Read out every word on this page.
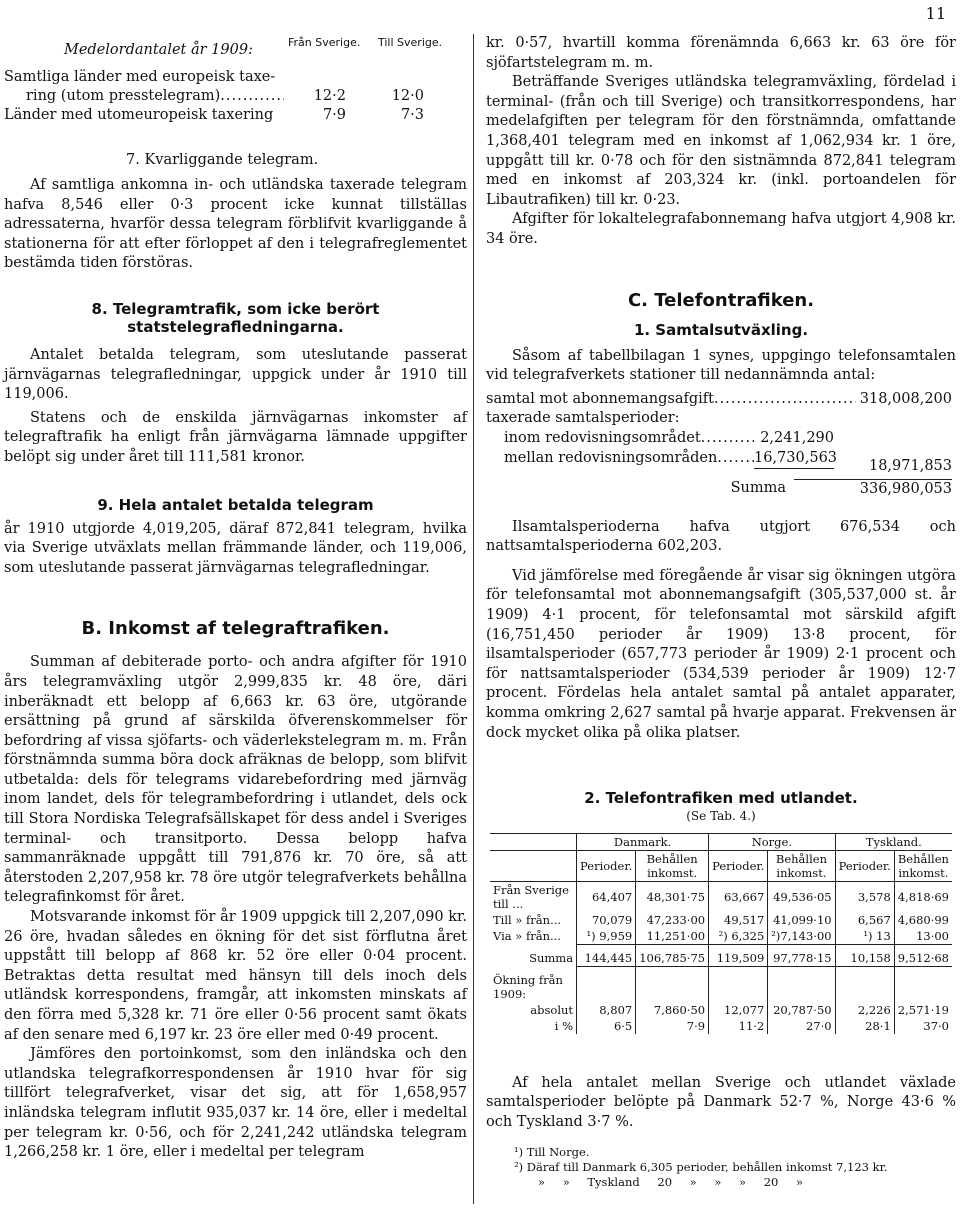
11
Medelordantalet år 1909:	Från Sverige. Till Sverige.
Samtliga länder med europeisk taxe-
ring (utom presstelegram) .....	12·2	12·0
Länder med utomeuropeisk taxering	7·9	7·3
7. Kvarliggande telegram.

Af samtliga ankomna in- och utländska taxerade telegram hafva 8,546 eller 0·3 procent icke kunnat tillställas adressaterna, hvarför dessa telegram förblifvit kvarliggande å stationerna för att efter förloppet af den i telegrafreglementet bestämda tiden förstöras.

8. Telegramtrafik, som icke berört statstelegrafledningarna.

Antalet betalda telegram, som uteslutande passerat järnvägarnas telegrafledningar, uppgick under år 1910 till 119,006.

Statens och de enskilda järnvägarnas inkomster af telegraftrafik ha enligt från järnvägarna lämnade uppgifter belöpt sig under året till 111,581 kronor.

9. Hela antalet betalda telegram

år 1910 utgjorde 4,019,205, däraf 872,841 telegram, hvilka via Sverige utväxlats mellan främmande länder, och 119,006, som uteslutande passerat järnvägarnas telegrafledningar.

B. Inkomst af telegraftrafiken.

Summan af debiterade porto- och andra afgifter för 1910 års telegramväxling utgör 2,999,835 kr. 48 öre, däri inberäknadt ett belopp af 6,663 kr. 63 öre, utgörande ersättning på grund af särskilda öfverenskommelser för befordring af vissa sjöfarts- och väderlekstelegram m. m. Från förstnämnda summa böra dock afräknas de belopp, som blifvit utbetalda: dels för telegrams vidarebefordring med järnväg inom landet, dels för telegrambefordring i utlandet, dels ock till Stora Nordiska Telegrafsällskapet för dess andel i Sveriges terminal- och transitporto. Dessa belopp hafva sammanräknade uppgått till 791,876 kr. 70 öre, så att återstoden 2,207,958 kr. 78 öre utgör telegrafverkets behållna telegrafinkomst för året.

Motsvarande inkomst för år 1909 uppgick till 2,207,090 kr. 26 öre, hvadan således en ökning för det sist förflutna året uppstått till belopp af 868 kr. 52 öre eller 0·04 procent. Betraktas detta resultat med hänsyn till dels inoch dels utländsk korrespondens, framgår, att inkomsten minskats af den förra med 5,328 kr. 71 öre eller 0·56 procent samt ökats af den senare med 6,197 kr. 23 öre eller med 0·49 procent.

Jämföres den portoinkomst, som den inländska och den utlandska telegrafkorrespondensen år 1910 hvar för sig tillfört telegrafverket, visar det sig, att för 1,658,957 inländska telegram influtit 935,037 kr. 14 öre, eller i medeltal per telegram kr. 0·56, och för 2,241,242 utländska telegram 1,266,258 kr. 1 öre, eller i medeltal per telegram

kr. 0·57, hvartill komma förenämnda 6,663 kr. 63 öre för sjöfartstelegram m. m.

Beträffande Sveriges utländska telegramväxling, fördelad i terminal- (från och till Sverige) och transitkorrespondens, har medelafgiften per telegram för den förstnämnda, omfattande 1,368,401 telegram med en inkomst af 1,062,934 kr. 1 öre, uppgått till kr. 0·78 och för den sistnämnda 872,841 telegram med en inkomst af 203,324 kr. (inkl. portoandelen för Libautrafiken) till kr. 0·23.

Afgifter för lokaltelegrafabonnemang hafva utgjort 4,908 kr. 34 öre.

C. Telefontrafiken.
1. Samtalsutväxling.

Såsom af tabellbilagan 1 synes, uppgingo telefonsamtalen vid telegrafverkets stationer till nedannämnda antal:

samtal mot abonnemangsafgift .....	318,008,200
taxerade samtalsperioder:
inom redovisningsområdet .....	2,241,290
mellan redovisningsområden .....	16,730,563	18,971,853
Summa	336,980,053

Ilsamtalsperioderna hafva utgjort 676,534 och nattsamtalsperioderna 602,203.

Vid jämförelse med föregående år visar sig ökningen utgöra för telefonsamtal mot abonnemangsafgift (305,537,000 st. år 1909) 4·1 procent, för telefonsamtal mot särskild afgift (16,751,450 perioder år 1909) 13·8 procent, för ilsamtalsperioder (657,773 perioder år 1909) 2·1 procent och för nattsamtalsperioder (534,539 perioder år 1909) 12·7 procent. Fördelas hela antalet samtal på antalet apparater, komma omkring 2,627 samtal på hvarje apparat. Frekvensen är dock mycket olika på olika platser.

2. Telefontrafiken med utlandet.
(Se Tab. 4.)
	Danmark.		Norge.		Tyskland.	
	Perioder.	Behållen inkomst.	Perioder.	Behållen inkomst.	Perioder.	Behållen inkomst.
Från Sverige till ...	64,407	48,301·75	63,667	49,536·05	3,578	4,818·69
Till » från...	70,079	47,233·00	49,517	41,099·10	6,567	4,680·99
Via » från...	¹) 9,959	11,251·00	²) 6,325	²)7,143·00	¹) 13	13·00
Summa	144,445	106,785·75	119,509	97,778·15	10,158	9,512·68
Ökning från 1909:						
absolut	8,807	7,860·50	12,077	20,787·50	2,226	2,571·19
i %	6·5	7·9	11·2	27·0	28·1	37·0

Af hela antalet mellan Sverige och utlandet växlade samtalsperioder belöpte på Danmark 52·7 %, Norge 43·6 % och Tyskland 3·7 %.

¹) Till Norge.
²) Däraf till Danmark 6,305 perioder, behållen inkomst 7,123 kr.
» » Tyskland 20 » » » 20 »
